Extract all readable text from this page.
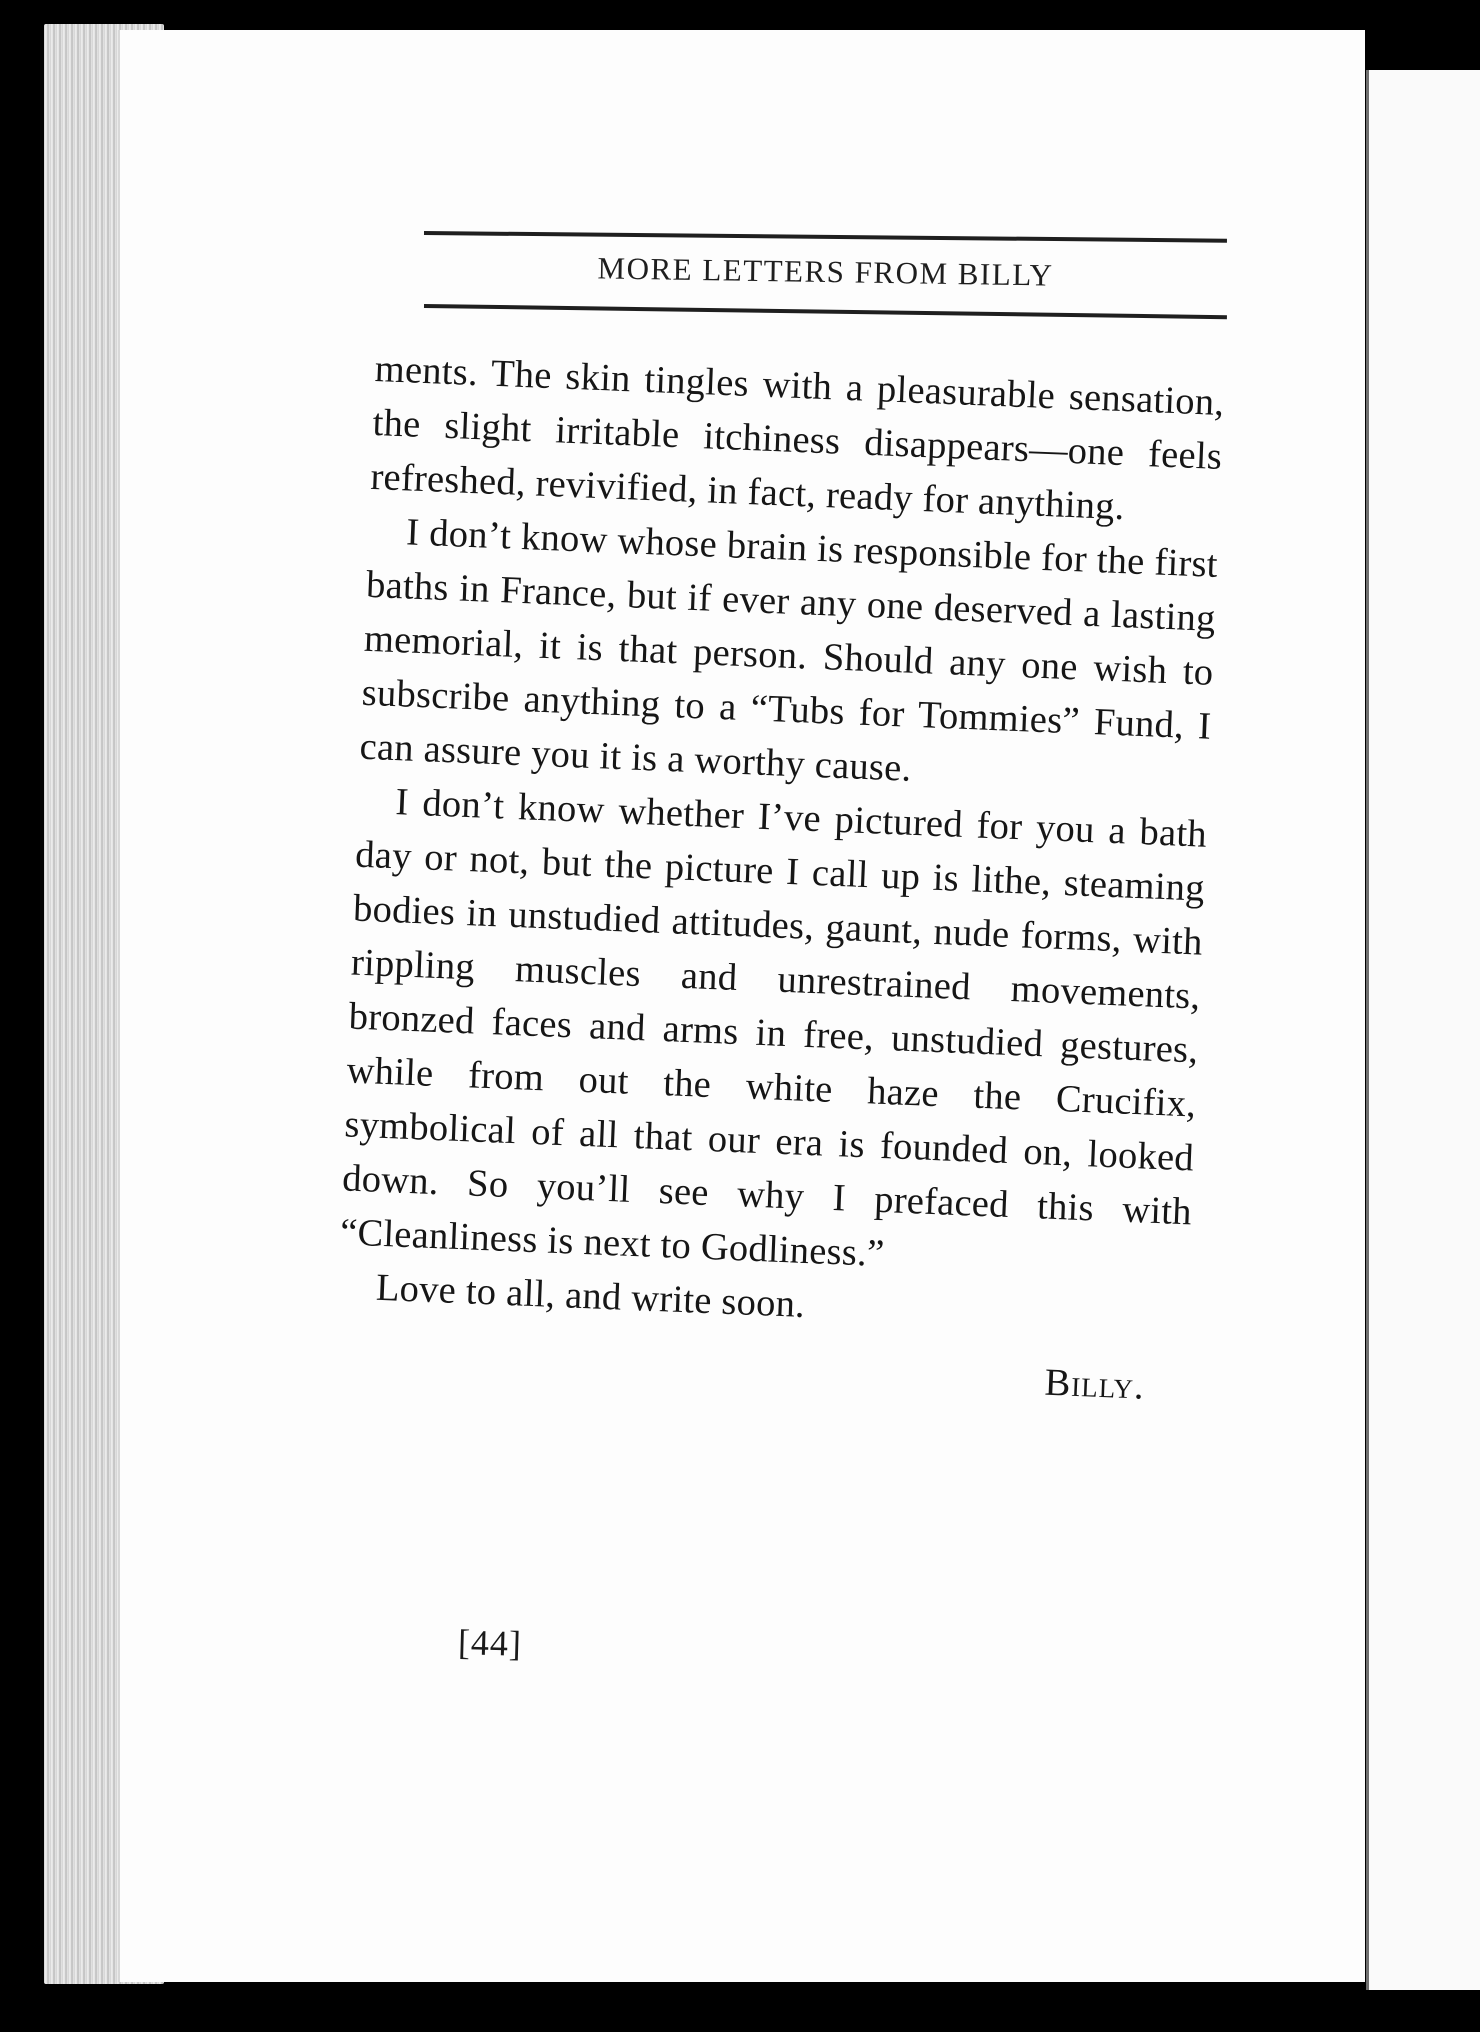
MORE LETTERS FROM BILLY

ments. The skin tingles with a pleasurable sensation, the slight irritable itchiness disappears—one feels refreshed, revivified, in fact, ready for anything.

I don’t know whose brain is responsible for the first baths in France, but if ever any one deserved a lasting memorial, it is that person. Should any one wish to subscribe anything to a “Tubs for Tommies” Fund, I can assure you it is a worthy cause.

I don’t know whether I’ve pictured for you a bath day or not, but the picture I call up is lithe, steaming bodies in unstudied attitudes, gaunt, nude forms, with rippling muscles and unrestrained movements, bronzed faces and arms in free, unstudied gestures, while from out the white haze the Crucifix, symbolical of all that our era is founded on, looked down. So you’ll see why I prefaced this with “Cleanliness is next to Godliness.”

Love to all, and write soon.

Billy.

[44]
